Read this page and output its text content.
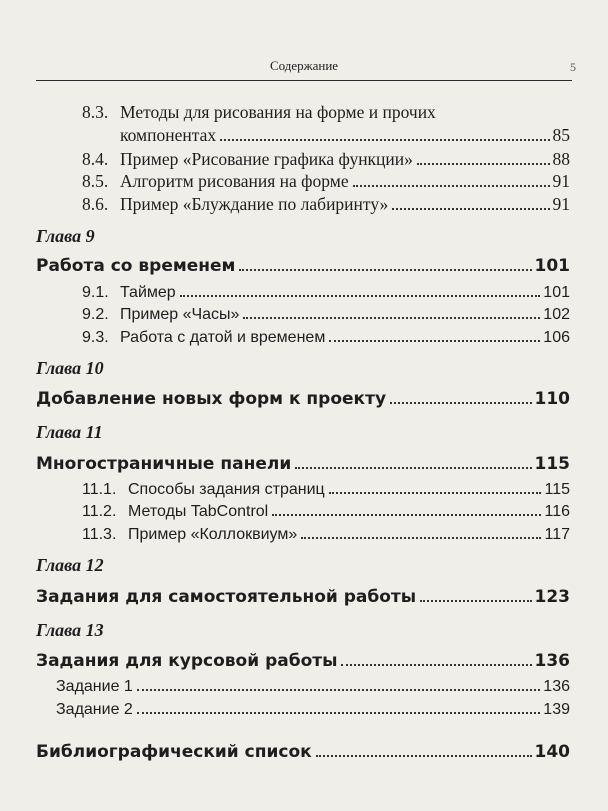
Содержание	5
8.3. Методы для рисования на форме и прочих
компонентах	85
8.4. Пример «Рисование графика функции»	88
8.5. Алгоритм рисования на форме	91
8.6. Пример «Блуждание по лабиринту»	91
Глава 9
Работа со временем	101
9.1. Таймер	101
9.2. Пример «Часы»	102
9.3. Работа с датой и временем	106
Глава 10
Добавление новых форм к проекту	110
Глава 11
Многостраничные панели	115
11.1. Способы задания страниц	115
11.2. Методы TabControl	116
11.3. Пример «Коллоквиум»	117
Глава 12
Задания для самостоятельной работы	123
Глава 13
Задания для курсовой работы	136
Задание 1	136
Задание 2	139
Библиографический список	140
